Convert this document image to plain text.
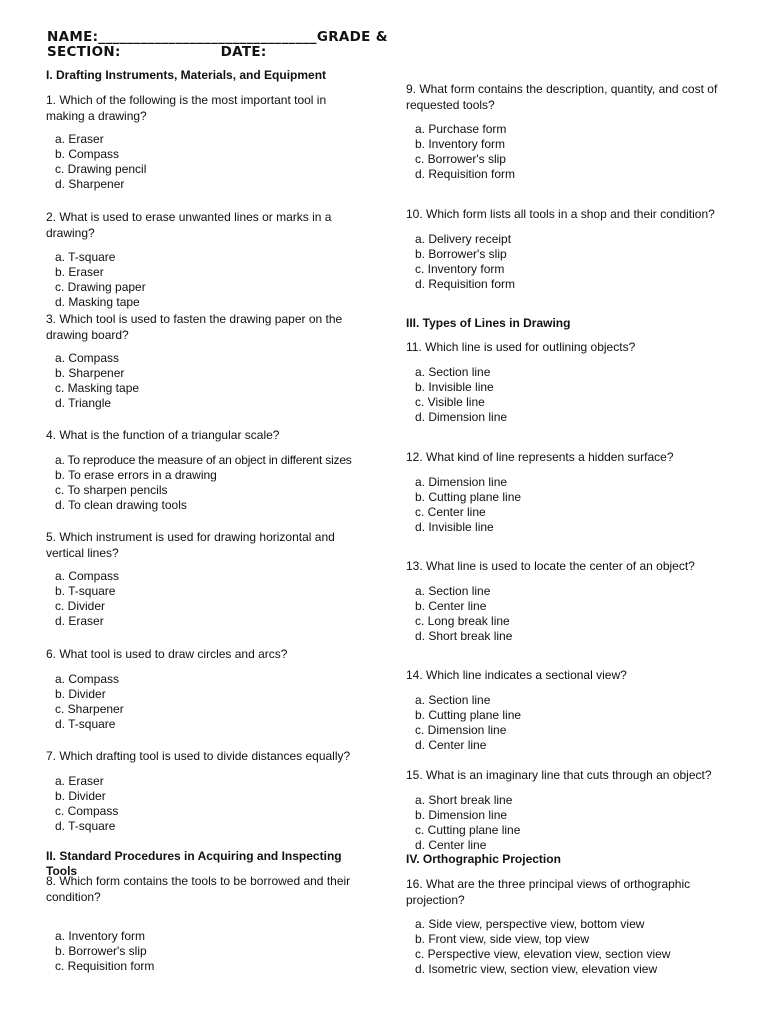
NAME:_______________________________GRADE &

SECTION:                    DATE:
I. Drafting Instruments, Materials, and Equipment
1. Which of the following is the most important tool in making a drawing?
a. Eraser
b. Compass
c. Drawing pencil
d. Sharpener
2. What is used to erase unwanted lines or marks in a drawing?
a. T-square
b. Eraser
c. Drawing paper
d. Masking tape
3. Which tool is used to fasten the drawing paper on the drawing board?
a. Compass
b. Sharpener
c. Masking tape
d. Triangle
4. What is the function of a triangular scale?
a. To reproduce the measure of an object in different sizes
b. To erase errors in a drawing
c. To sharpen pencils
d. To clean drawing tools
5. Which instrument is used for drawing horizontal and vertical lines?
a. Compass
b. T-square
c. Divider
d. Eraser
6. What tool is used to draw circles and arcs?
a. Compass
b. Divider
c. Sharpener
d. T-square
7. Which drafting tool is used to divide distances equally?
a. Eraser
b. Divider
c. Compass
d. T-square
II. Standard Procedures in Acquiring and Inspecting Tools
8. Which form contains the tools to be borrowed and their condition?
a. Inventory form
b. Borrower's slip
c. Requisition form
9. What form contains the description, quantity, and cost of requested tools?
a. Purchase form
b. Inventory form
c. Borrower's slip
d. Requisition form
10. Which form lists all tools in a shop and their condition?
a. Delivery receipt
b. Borrower's slip
c. Inventory form
d. Requisition form
III. Types of Lines in Drawing
11. Which line is used for outlining objects?
a. Section line
b. Invisible line
c. Visible line
d. Dimension line
12. What kind of line represents a hidden surface?
a. Dimension line
b. Cutting plane line
c. Center line
d. Invisible line
13. What line is used to locate the center of an object?
a. Section line
b. Center line
c. Long break line
d. Short break line
14. Which line indicates a sectional view?
a. Section line
b. Cutting plane line
c. Dimension line
d. Center line
15. What is an imaginary line that cuts through an object?
a. Short break line
b. Dimension line
c. Cutting plane line
d. Center line
IV. Orthographic Projection
16. What are the three principal views of orthographic projection?
a. Side view, perspective view, bottom view
b. Front view, side view, top view
c. Perspective view, elevation view, section view
d. Isometric view, section view, elevation view
